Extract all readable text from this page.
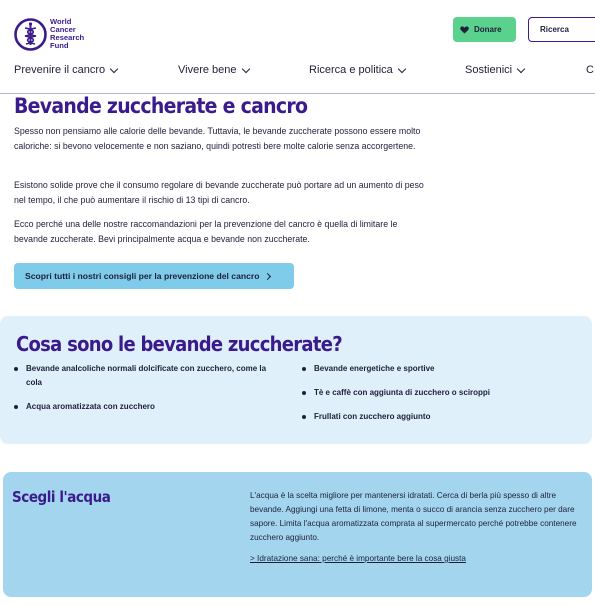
World
Cancer
Research
Fund
Donare	Ricerca
Prevenire il cancro	Vivere bene	Ricerca e politica	Sostienici	C
Bevande zuccherate e cancro

Spesso non pensiamo alle calorie delle bevande. Tuttavia, le bevande zuccherate possono essere molto caloriche: si bevono velocemente e non saziano, quindi potresti bere molte calorie senza accorgertene.

Esistono solide prove che il consumo regolare di bevande zuccherate può portare ad un aumento di peso nel tempo, il che può aumentare il rischio di 13 tipi di cancro.

Ecco perché una delle nostre raccomandazioni per la prevenzione del cancro è quella di limitare le bevande zuccherate. Bevi principalmente acqua e bevande non zuccherate.

Scopri tutti i nostri consigli per la prevenzione del cancro
Cosa sono le bevande zuccherate?
Bevande analcoliche normali dolcificate con zucchero, come la cola
Acqua aromatizzata con zucchero
Bevande energetiche e sportive
Tè e caffè con aggiunta di zucchero o sciroppi
Frullati con zucchero aggiunto
Scegli l'acqua	L'acqua è la scelta migliore per mantenersi idratati. Cerca di berla più spesso di altre bevande. Aggiungi una fetta di limone, menta o succo di arancia senza zucchero per dare sapore. Limita l'acqua aromatizzata comprata al supermercato perché potrebbe contenere zucchero aggiunto.

> Idratazione sana: perché è importante bere la cosa giusta
